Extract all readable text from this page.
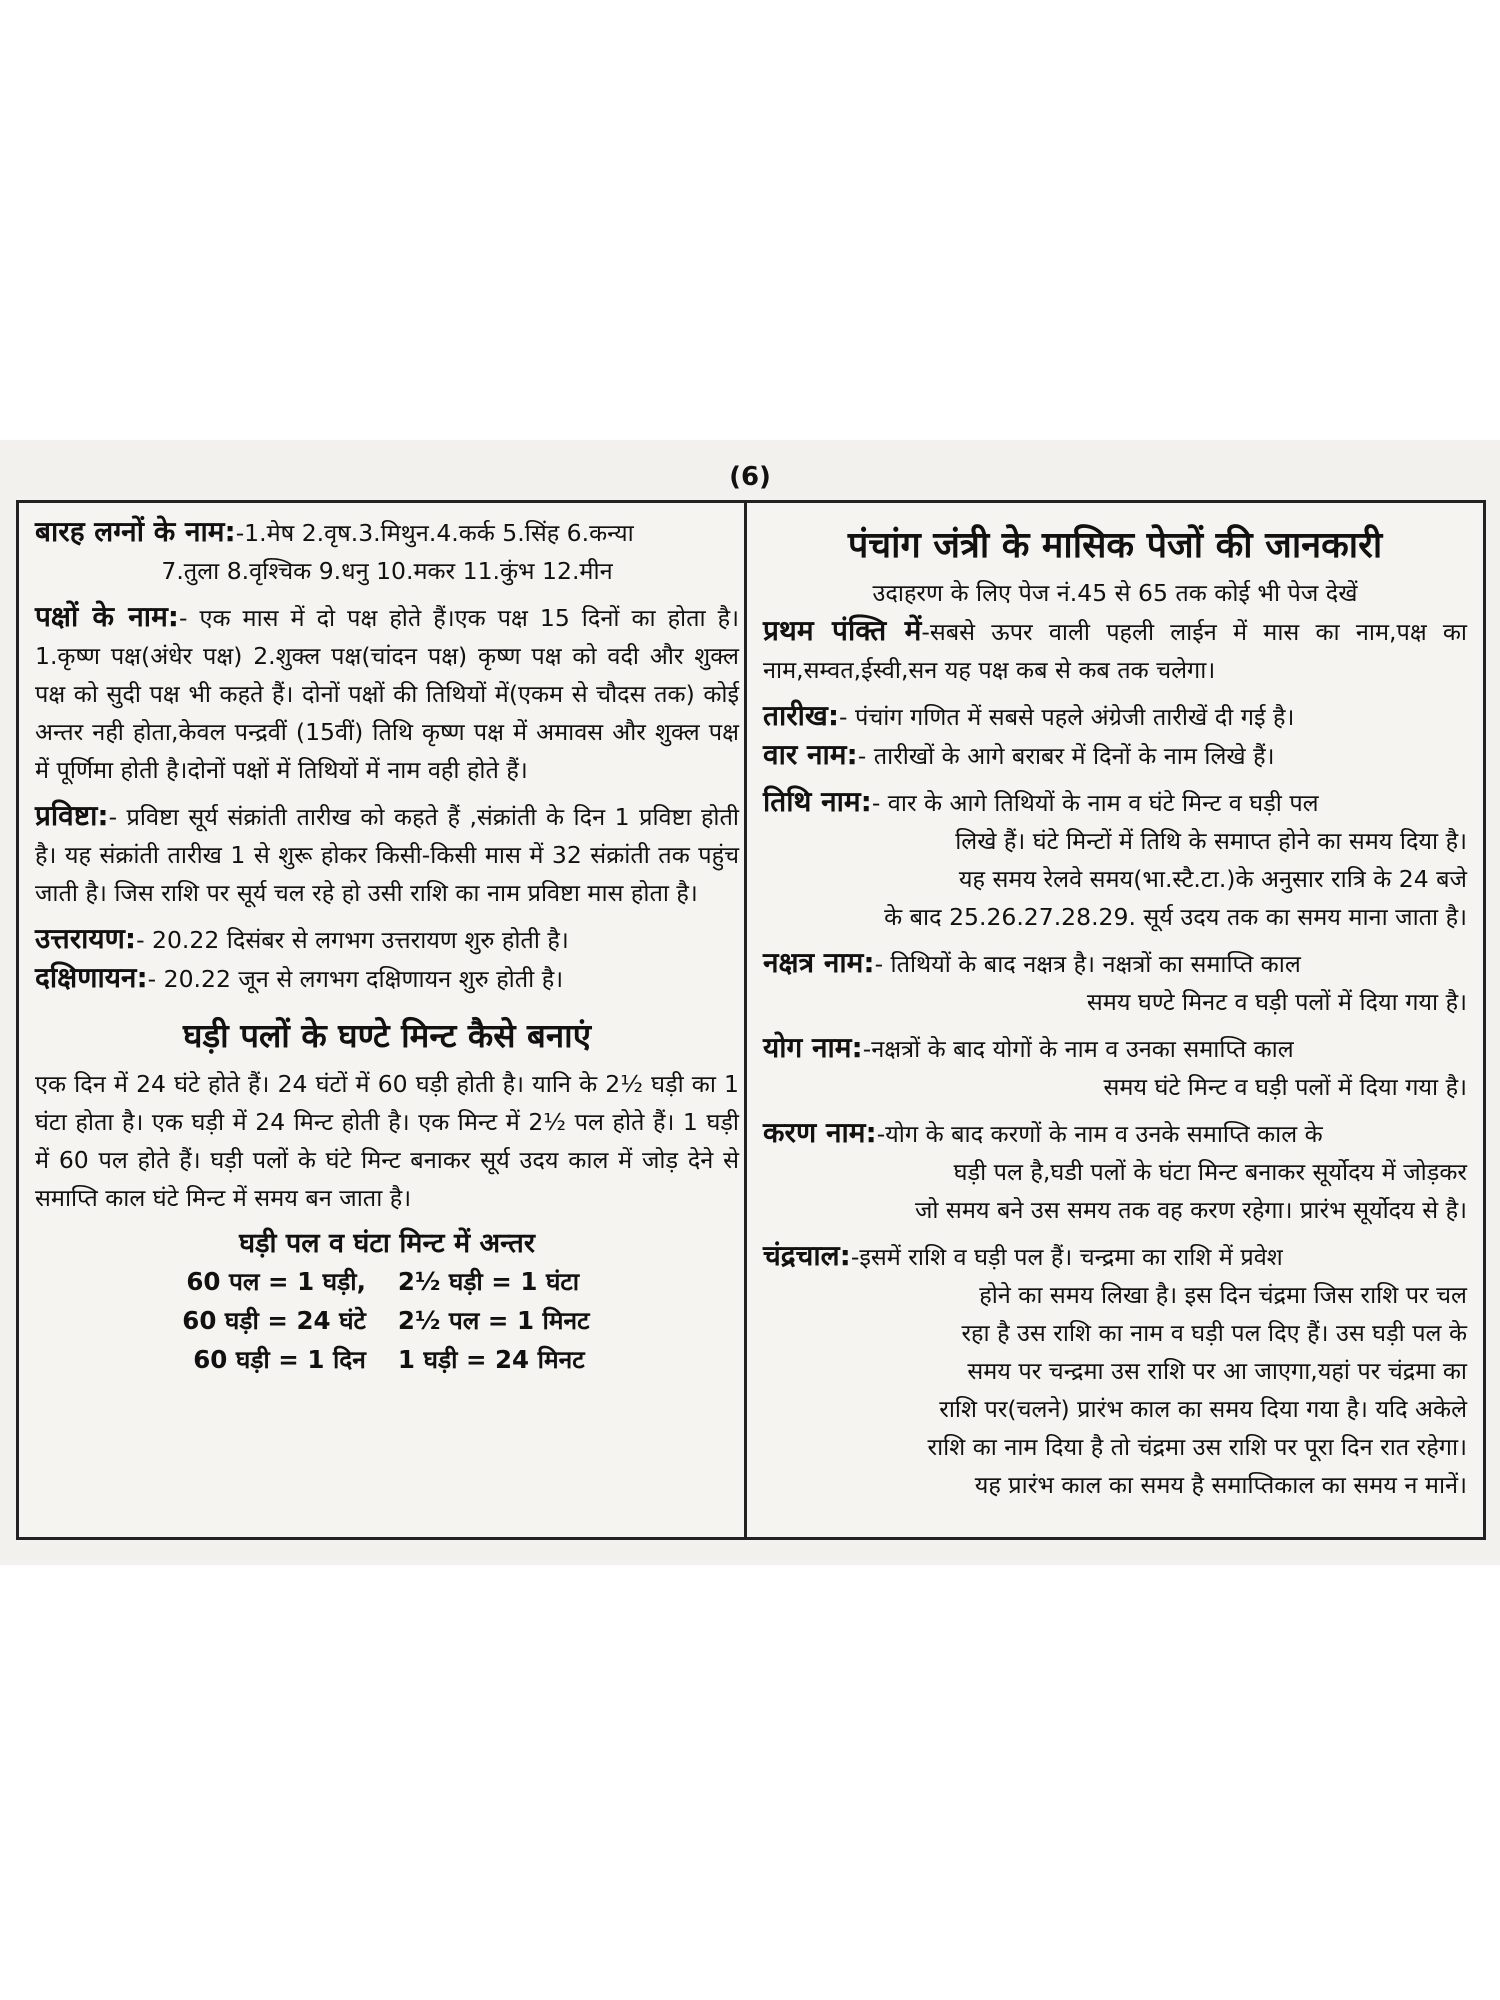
(6)

बारह लग्नों के नाम:-1.मेष 2.वृष.3.मिथुन.4.कर्क 5.सिंह 6.कन्या

7.तुला 8.वृश्चिक 9.धनु 10.मकर 11.कुंभ 12.मीन

पक्षों के नाम:- एक मास में दो पक्ष होते हैं।एक पक्ष 15 दिनों का होता है। 1.कृष्ण पक्ष(अंधेर पक्ष) 2.शुक्ल पक्ष(चांदन पक्ष) कृष्ण पक्ष को वदी और शुक्ल पक्ष को सुदी पक्ष भी कहते हैं। दोनों पक्षों की तिथियों में(एकम से चौदस तक) कोई अन्तर नही होता,केवल पन्द्रवीं (15वीं) तिथि कृष्ण पक्ष में अमावस और शुक्ल पक्ष में पूर्णिमा होती है।दोनों पक्षों में तिथियों में नाम वही होते हैं।

प्रविष्टा:- प्रविष्टा सूर्य संक्रांती तारीख को कहते हैं ,संक्रांती के दिन 1 प्रविष्टा होती है। यह संक्रांती तारीख 1 से शुरू होकर किसी-किसी मास में 32 संक्रांती तक पहुंच जाती है। जिस राशि पर सूर्य चल रहे हो उसी राशि का नाम प्रविष्टा मास होता है।

उत्तरायण:- 20.22 दिसंबर से लगभग उत्तरायण शुरु होती है।

दक्षिणायन:- 20.22 जून से लगभग दक्षिणायन शुरु होती है।

घड़ी पलों के घण्टे मिन्ट कैसे बनाएं

एक दिन में 24 घंटे होते हैं। 24 घंटों में 60 घड़ी होती है। यानि के 2½ घड़ी का 1 घंटा होता है। एक घड़ी में 24 मिन्ट होती है। एक मिन्ट में 2½ पल होते हैं। 1 घड़ी में 60 पल होते हैं। घड़ी पलों के घंटे मिन्ट बनाकर सूर्य उदय काल में जोड़ देने से समाप्ति काल घंटे मिन्ट में समय बन जाता है।

घड़ी पल व घंटा मिन्ट में अन्तर
60 पल = 1 घड़ी,	2½ घड़ी = 1 घंटा
60 घड़ी = 24 घंटे	2½ पल = 1 मिनट
60 घड़ी = 1 दिन	1 घड़ी = 24 मिनट
पंचांग जंत्री के मासिक पेजों की जानकारी

उदाहरण के लिए पेज नं.45 से 65 तक कोई भी पेज देखें

प्रथम पंक्ति में-सबसे ऊपर वाली पहली लाईन में मास का नाम,पक्ष का नाम,सम्वत,ईस्वी,सन यह पक्ष कब से कब तक चलेगा।

तारीख:- पंचांग गणित में सबसे पहले अंग्रेजी तारीखें दी गई है।

वार नाम:- तारीखों के आगे बराबर में दिनों के नाम लिखे हैं।

तिथि नाम:- वार के आगे तिथियों के नाम व घंटे मिन्ट व घड़ी पल

लिखे हैं। घंटे मिन्टों में तिथि के समाप्त होने का समय दिया है।

यह समय रेलवे समय(भा.स्टै.टा.)के अनुसार रात्रि के 24 बजे

के बाद 25.26.27.28.29. सूर्य उदय तक का समय माना जाता है।

नक्षत्र नाम:- तिथियों के बाद नक्षत्र है। नक्षत्रों का समाप्ति काल

समय घण्टे मिनट व घड़ी पलों में दिया गया है।

योग नाम:-नक्षत्रों के बाद योगों के नाम व उनका समाप्ति काल

समय घंटे मिन्ट व घड़ी पलों में दिया गया है।

करण नाम:-योग के बाद करणों के नाम व उनके समाप्ति काल के

घड़ी पल है,घडी पलों के घंटा मिन्ट बनाकर सूर्योदय में जोड़कर

जो समय बने उस समय तक वह करण रहेगा। प्रारंभ सूर्योदय से है।

चंद्रचाल:-इसमें राशि व घड़ी पल हैं। चन्द्रमा का राशि में प्रवेश

होने का समय लिखा है। इस दिन चंद्रमा जिस राशि पर चल

रहा है उस राशि का नाम व घड़ी पल दिए हैं। उस घड़ी पल के

समय पर चन्द्रमा उस राशि पर आ जाएगा,यहां पर चंद्रमा का

राशि पर(चलने) प्रारंभ काल का समय दिया गया है। यदि अकेले

राशि का नाम दिया है तो चंद्रमा उस राशि पर पूरा दिन रात रहेगा।

यह प्रारंभ काल का समय है समाप्तिकाल का समय न मानें।
